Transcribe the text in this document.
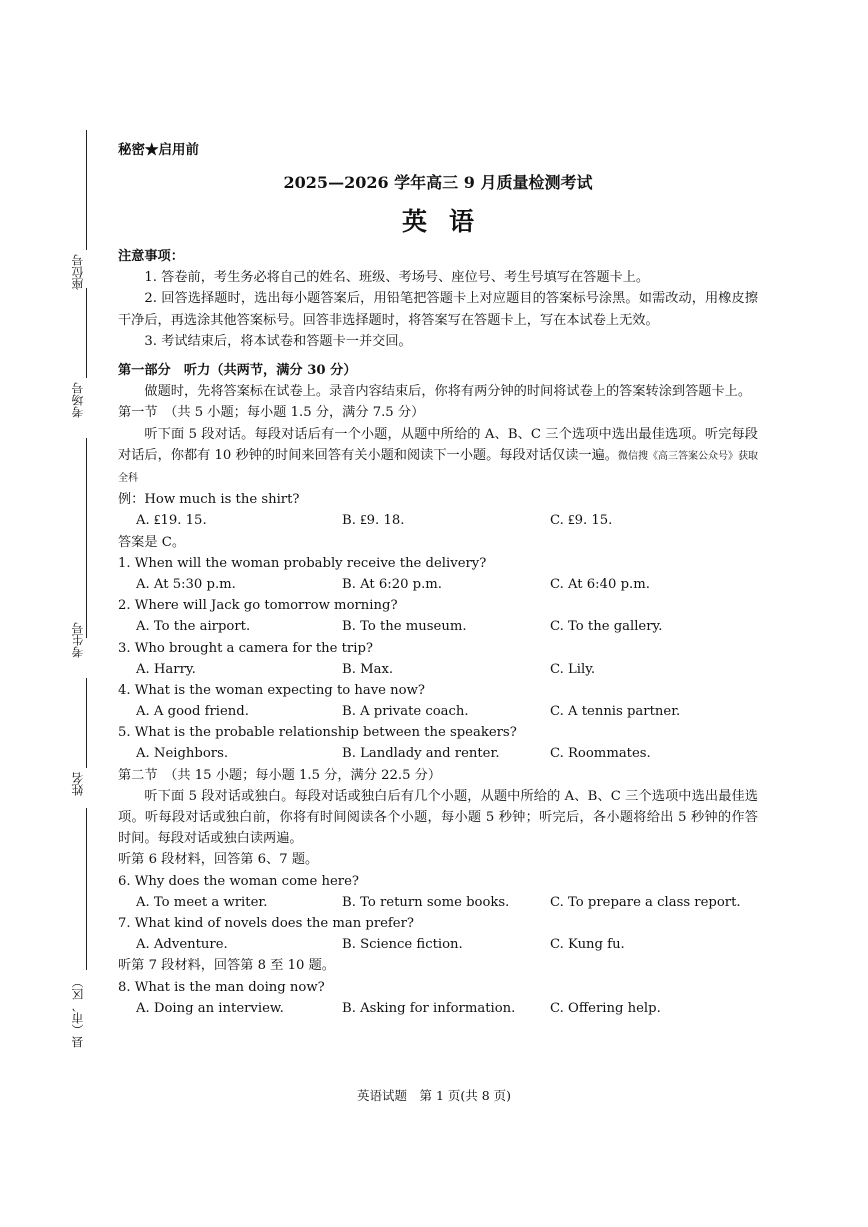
座位号
考场号
考生号
姓名
县（市、区）
秘密★启用前
2025—2026 学年高三 9 月质量检测考试
英语
注意事项：
1. 答卷前，考生务必将自己的姓名、班级、考场号、座位号、考生号填写在答题卡上。
2. 回答选择题时，选出每小题答案后，用铅笔把答题卡上对应题目的答案标号涂黑。如需改动，用橡皮擦干净后，再选涂其他答案标号。回答非选择题时，将答案写在答题卡上，写在本试卷上无效。
3. 考试结束后，将本试卷和答题卡一并交回。
第一部分　听力（共两节，满分 30 分）
做题时，先将答案标在试卷上。录音内容结束后，你将有两分钟的时间将试卷上的答案转涂到答题卡上。
第一节　（共 5 小题；每小题 1.5 分，满分 7.5 分）
听下面 5 段对话。每段对话后有一个小题，从题中所给的 A、B、C 三个选项中选出最佳选项。听完每段对话后，你都有 10 秒钟的时间来回答有关小题和阅读下一小题。每段对话仅读一遍。微信搜《高三答案公众号》获取全科
例：How much is the shirt?
A. ₤19. 15.	B. ₤9. 18.	C. ₤9. 15.
答案是 C。
1. When will the woman probably receive the delivery?
A. At 5:30 p.m.	B. At 6:20 p.m.	C. At 6:40 p.m.
2. Where will Jack go tomorrow morning?
A. To the airport.	B. To the museum.	C. To the gallery.
3. Who brought a camera for the trip?
A. Harry.	B. Max.	C. Lily.
4. What is the woman expecting to have now?
A. A good friend.	B. A private coach.	C. A tennis partner.
5. What is the probable relationship between the speakers?
A. Neighbors.	B. Landlady and renter.	C. Roommates.
第二节　（共 15 小题；每小题 1.5 分，满分 22.5 分）
听下面 5 段对话或独白。每段对话或独白后有几个小题，从题中所给的 A、B、C 三个选项中选出最佳选项。听每段对话或独白前，你将有时间阅读各个小题，每小题 5 秒钟；听完后，各小题将给出 5 秒钟的作答时间。每段对话或独白读两遍。
听第 6 段材料，回答第 6、7 题。
6. Why does the woman come here?
A. To meet a writer.	B. To return some books.	C. To prepare a class report.
7. What kind of novels does the man prefer?
A. Adventure.	B. Science fiction.	C. Kung fu.
听第 7 段材料，回答第 8 至 10 题。
8. What is the man doing now?
A. Doing an interview.	B. Asking for information.	C. Offering help.
英语试题　第 1 页(共 8 页)
